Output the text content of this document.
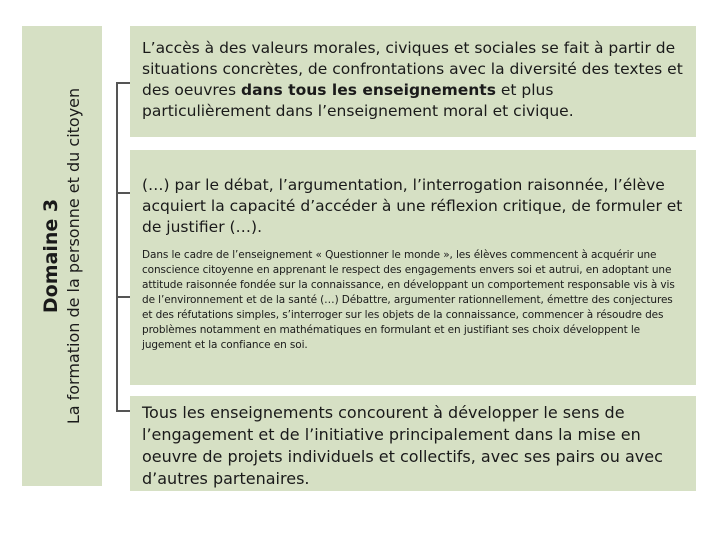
Domaine 3 La formation de la personne et du citoyen

L’accès à des valeurs morales, civiques et sociales se fait à partir de situations concrètes, de confrontations avec la diversité des textes et des oeuvres dans tous les enseignements et plus particulièrement dans l’enseignement moral et civique.

(…) par le débat, l’argumentation, l’interrogation raisonnée, l’élève acquiert la capacité d’accéder à une réflexion critique, de formuler et de justifier (…).

Dans le cadre de l’enseignement « Questionner le monde », les élèves commencent à acquérir une conscience citoyenne en apprenant le respect des engagements envers soi et autrui, en adoptant une attitude raisonnée fondée sur la connaissance, en développant un comportement responsable vis à vis de l’environnement et de la santé (…) Débattre, argumenter rationnellement, émettre des conjectures et des réfutations simples, s’interroger sur les objets de la connaissance, commencer à résoudre des problèmes notamment en mathématiques en formulant et en justifiant ses choix développent le jugement et la confiance en soi.

Tous les enseignements concourent à développer le sens de l’engagement et de l’initiative principalement dans la mise en oeuvre de projets individuels et collectifs, avec ses pairs ou avec d’autres partenaires.
